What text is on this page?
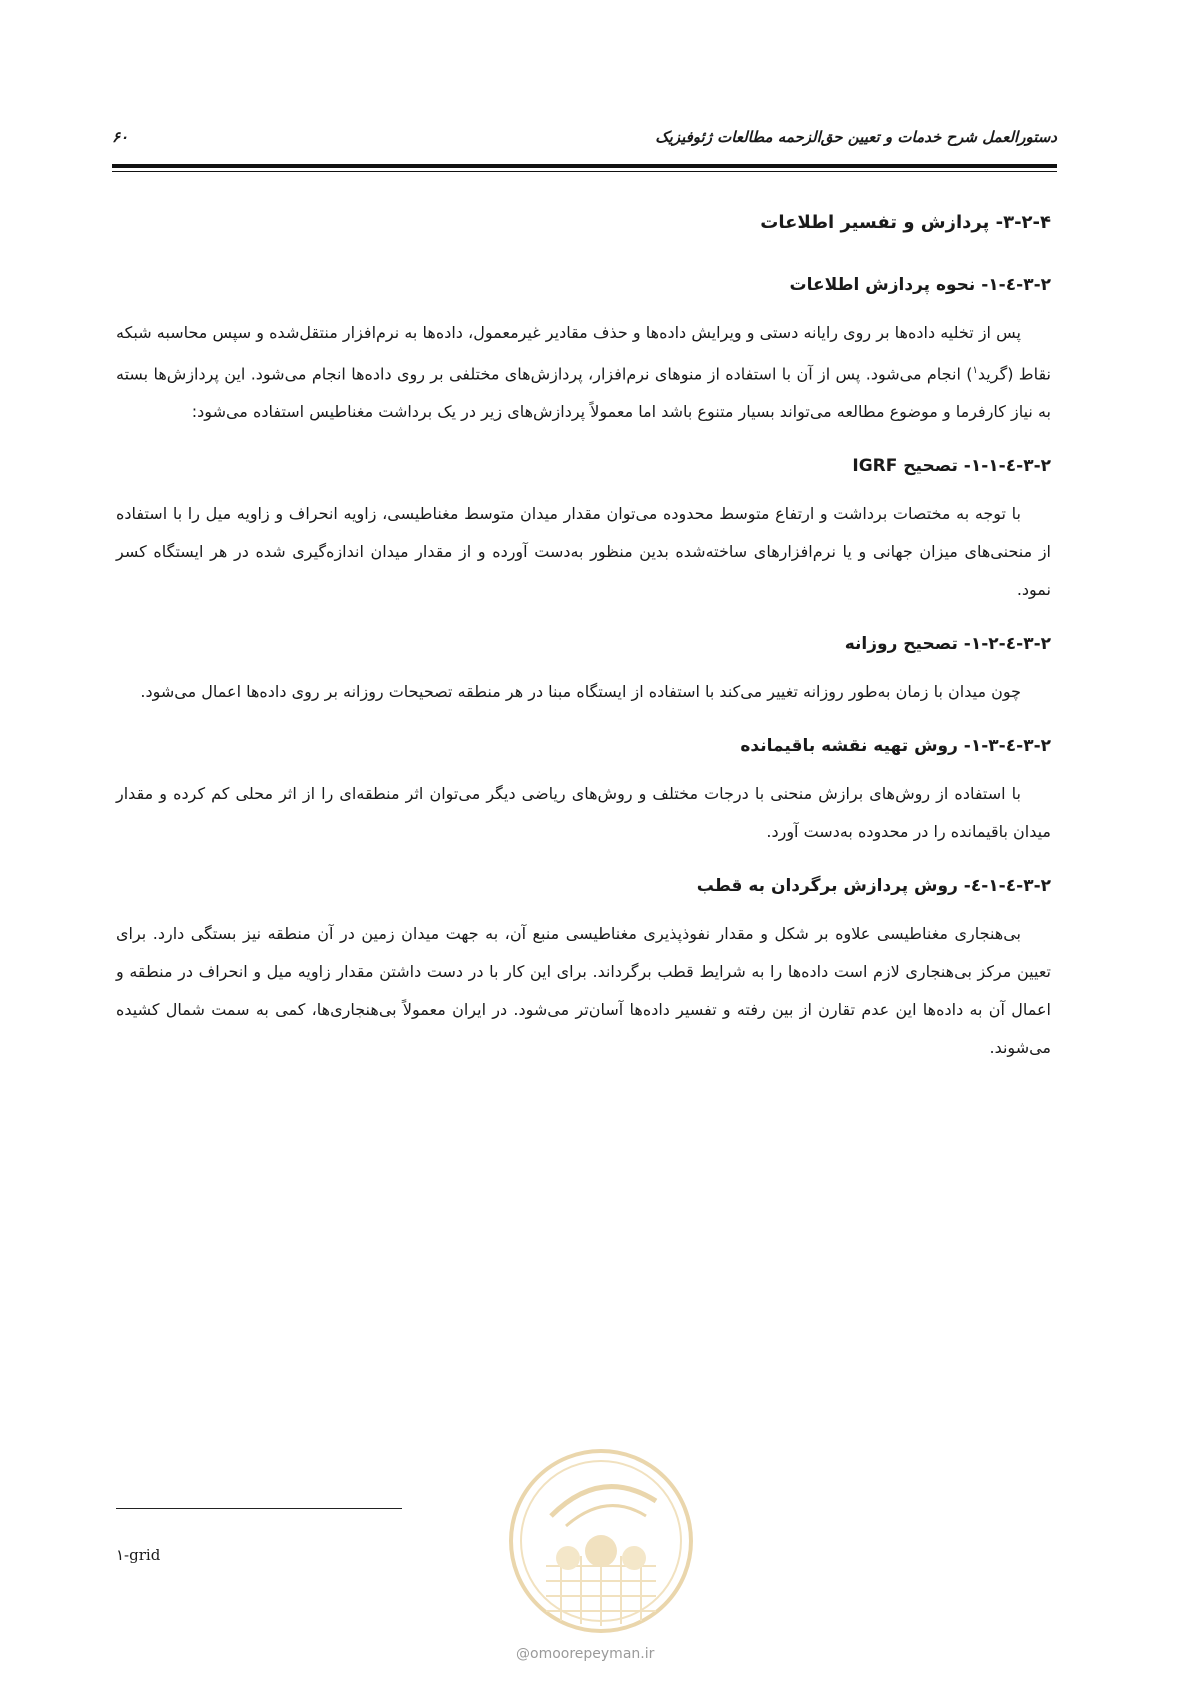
دستورالعمل شرح خدمات و تعیین حق‌الزحمه مطالعات ژئوفیزیک
۶۰
۳-۲-۴- پردازش و تفسیر اطلاعات
۳-۲-٤-۱- نحوه پردازش اطلاعات

پس از تخلیه داده‌ها بر روی رایانه دستی و ویرایش داده‌ها و حذف مقادیر غیرمعمول، داده‌ها به نرم‌افزار منتقل‌شده و سپس محاسبه شبکه نقاط (گرید$^۱$) انجام می‌شود. پس از آن با استفاده از منوهای نرم‌افزار، پردازش‌های مختلفی بر روی داده‌ها انجام می‌شود. این پردازش‌ها بسته به نیاز کارفرما و موضوع مطالعه می‌تواند بسیار متنوع باشد اما معمولاً پردازش‌های زیر در یک برداشت مغناطیس استفاده می‌شود:

۳-۲-٤-۱-۱- تصحیح IGRF

با توجه به مختصات برداشت و ارتفاع متوسط محدوده می‌توان مقدار میدان متوسط مغناطیسی، زاویه انحراف و زاویه میل را با استفاده از منحنی‌های میزان جهانی و یا نرم‌افزارهای ساخته‌شده بدین منظور به‌دست آورده و از مقدار میدان اندازه‌گیری شده در هر ایستگاه کسر نمود.

۳-۲-٤-۱-۲- تصحیح روزانه

چون میدان با زمان به‌طور روزانه تغییر می‌کند با استفاده از ایستگاه مبنا در هر منطقه تصحیحات روزانه بر روی داده‌ها اعمال می‌شود.

۳-۲-٤-۱-۳- روش تهیه نقشه باقیمانده

با استفاده از روش‌های برازش منحنی با درجات مختلف و روش‌های ریاضی دیگر می‌توان اثر منطقه‌ای را از اثر محلی کم کرده و مقدار میدان باقیمانده را در محدوده به‌دست آورد.

۳-۲-٤-۱-٤- روش پردازش برگردان به قطب

بی‌هنجاری مغناطیسی علاوه بر شکل و مقدار نفوذپذیری مغناطیسی منبع آن، به جهت میدان زمین در آن منطقه نیز بستگی دارد. برای تعیین مرکز بی‌هنجاری لازم است داده‌ها را به شرایط قطب برگرداند. برای این کار با در دست داشتن مقدار زاویه میل و انحراف در منطقه و اعمال آن به داده‌ها این عدم تقارن از بین رفته و تفسیر داده‌ها آسان‌تر می‌شود. در ایران معمولاً بی‌هنجاری‌ها، کمی به سمت شمال کشیده می‌شوند.

۱-grid
@omoorepeyman.ir
